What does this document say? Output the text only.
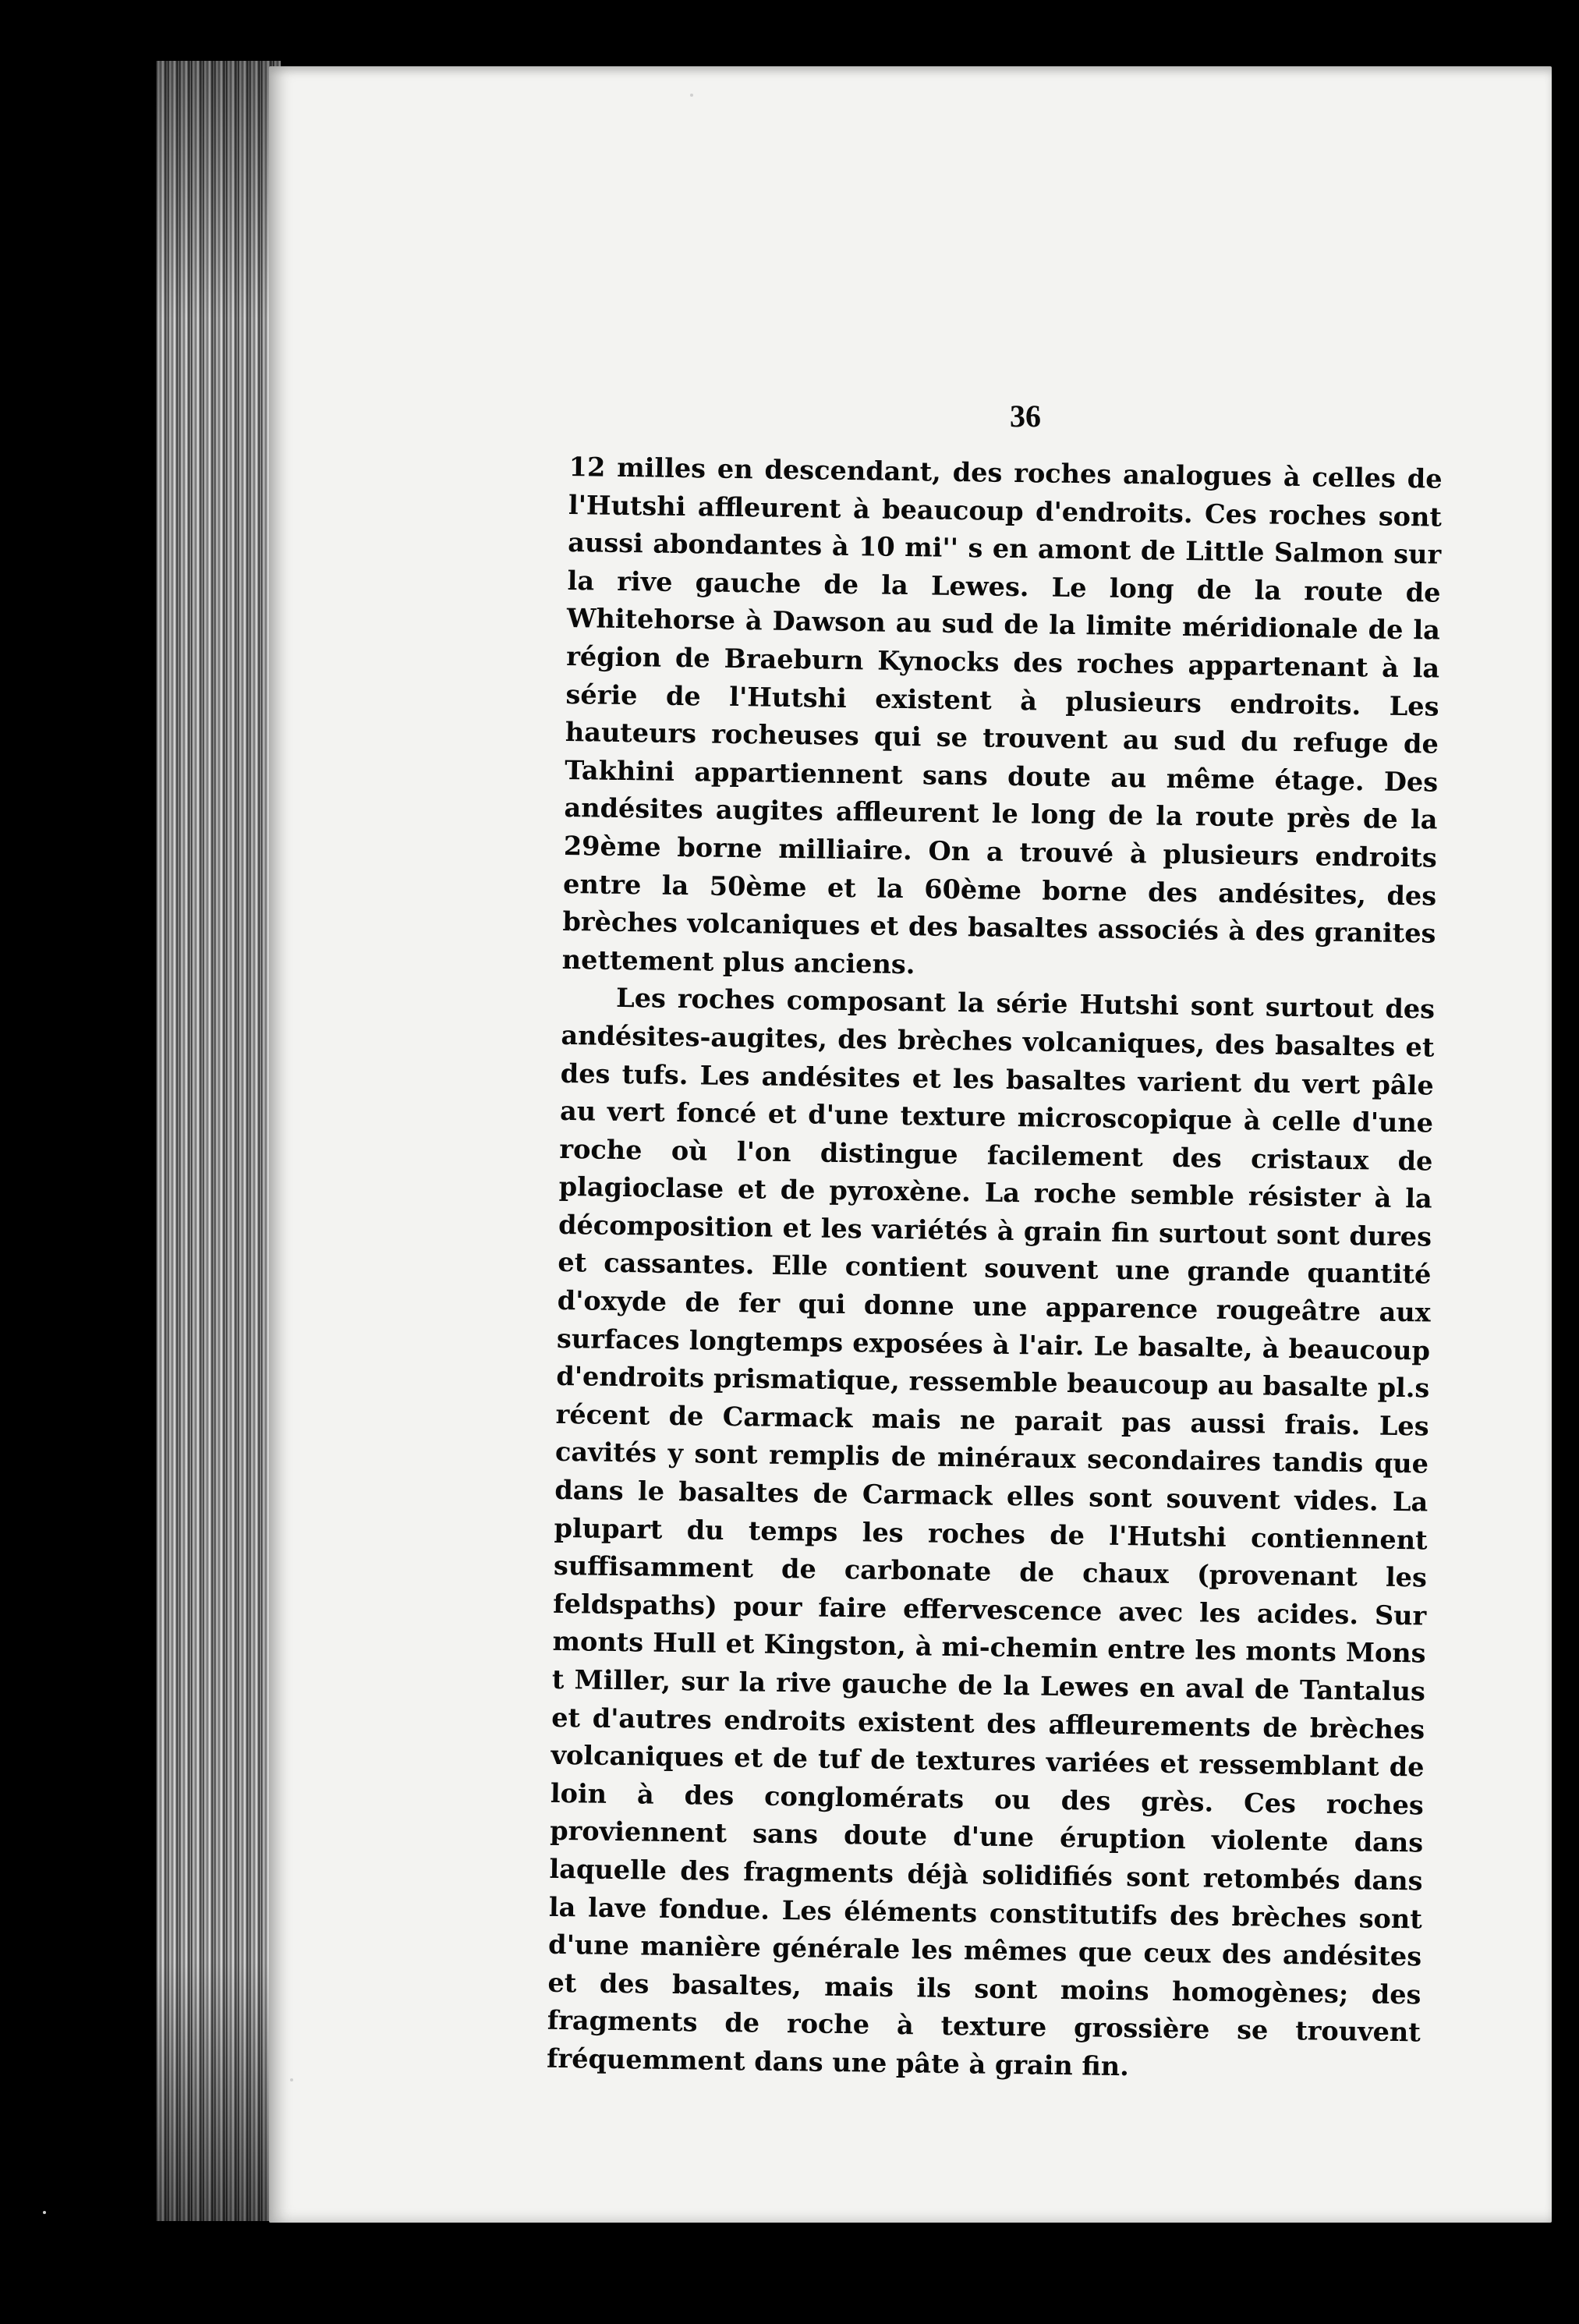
36

12 milles en descendant, des roches analogues à celles de l'Hutshi affleurent à beaucoup d'endroits. Ces roches sont aussi abondantes à 10 mi'' s en amont de Little Salmon sur la rive gauche de la Lewes. Le long de la route de Whitehorse à Dawson au sud de la limite méridionale de la région de Braeburn Kynocks des roches appartenant à la série de l'Hutshi existent à plusieurs endroits. Les hauteurs rocheuses qui se trouvent au sud du refuge de Takhini appartiennent sans doute au même étage. Des andésites augites affleurent le long de la route près de la 29ème borne milliaire. On a trouvé à plusieurs endroits entre la 50ème et la 60ème borne des andésites, des brèches volcaniques et des basaltes associés à des granites nettement plus anciens.

Les roches composant la série Hutshi sont surtout des andésites-augites, des brèches volcaniques, des basaltes et des tufs. Les andésites et les basaltes varient du vert pâle au vert foncé et d'une texture microscopique à celle d'une roche où l'on distingue facilement des cristaux de plagioclase et de pyroxène. La roche semble résister à la décomposition et les variétés à grain fin surtout sont dures et cassantes. Elle contient souvent une grande quantité d'oxyde de fer qui donne une apparence rougeâtre aux surfaces longtemps exposées à l'air. Le basalte, à beaucoup d'endroits prismatique, ressemble beaucoup au basalte pl.s récent de Carmack mais ne parait pas aussi frais. Les cavités y sont remplis de minéraux secondaires tandis que dans le basaltes de Carmack elles sont souvent vides. La plupart du temps les roches de l'Hutshi contiennent suffisamment de carbonate de chaux (provenant les feldspaths) pour faire effervescence avec les acides. Sur monts Hull et Kingston, à mi-chemin entre les monts Mons t Miller, sur la rive gauche de la Lewes en aval de Tantalus et d'autres endroits existent des affleurements de brèches volcaniques et de tuf de textures variées et ressemblant de loin à des conglomérats ou des grès. Ces roches proviennent sans doute d'une éruption violente dans laquelle des fragments déjà solidifiés sont retombés dans la lave fondue. Les éléments constitutifs des brèches sont d'une manière générale les mêmes que ceux des andésites et des basaltes, mais ils sont moins homogènes; des fragments de roche à texture grossière se trouvent fréquemment dans une pâte à grain fin.
